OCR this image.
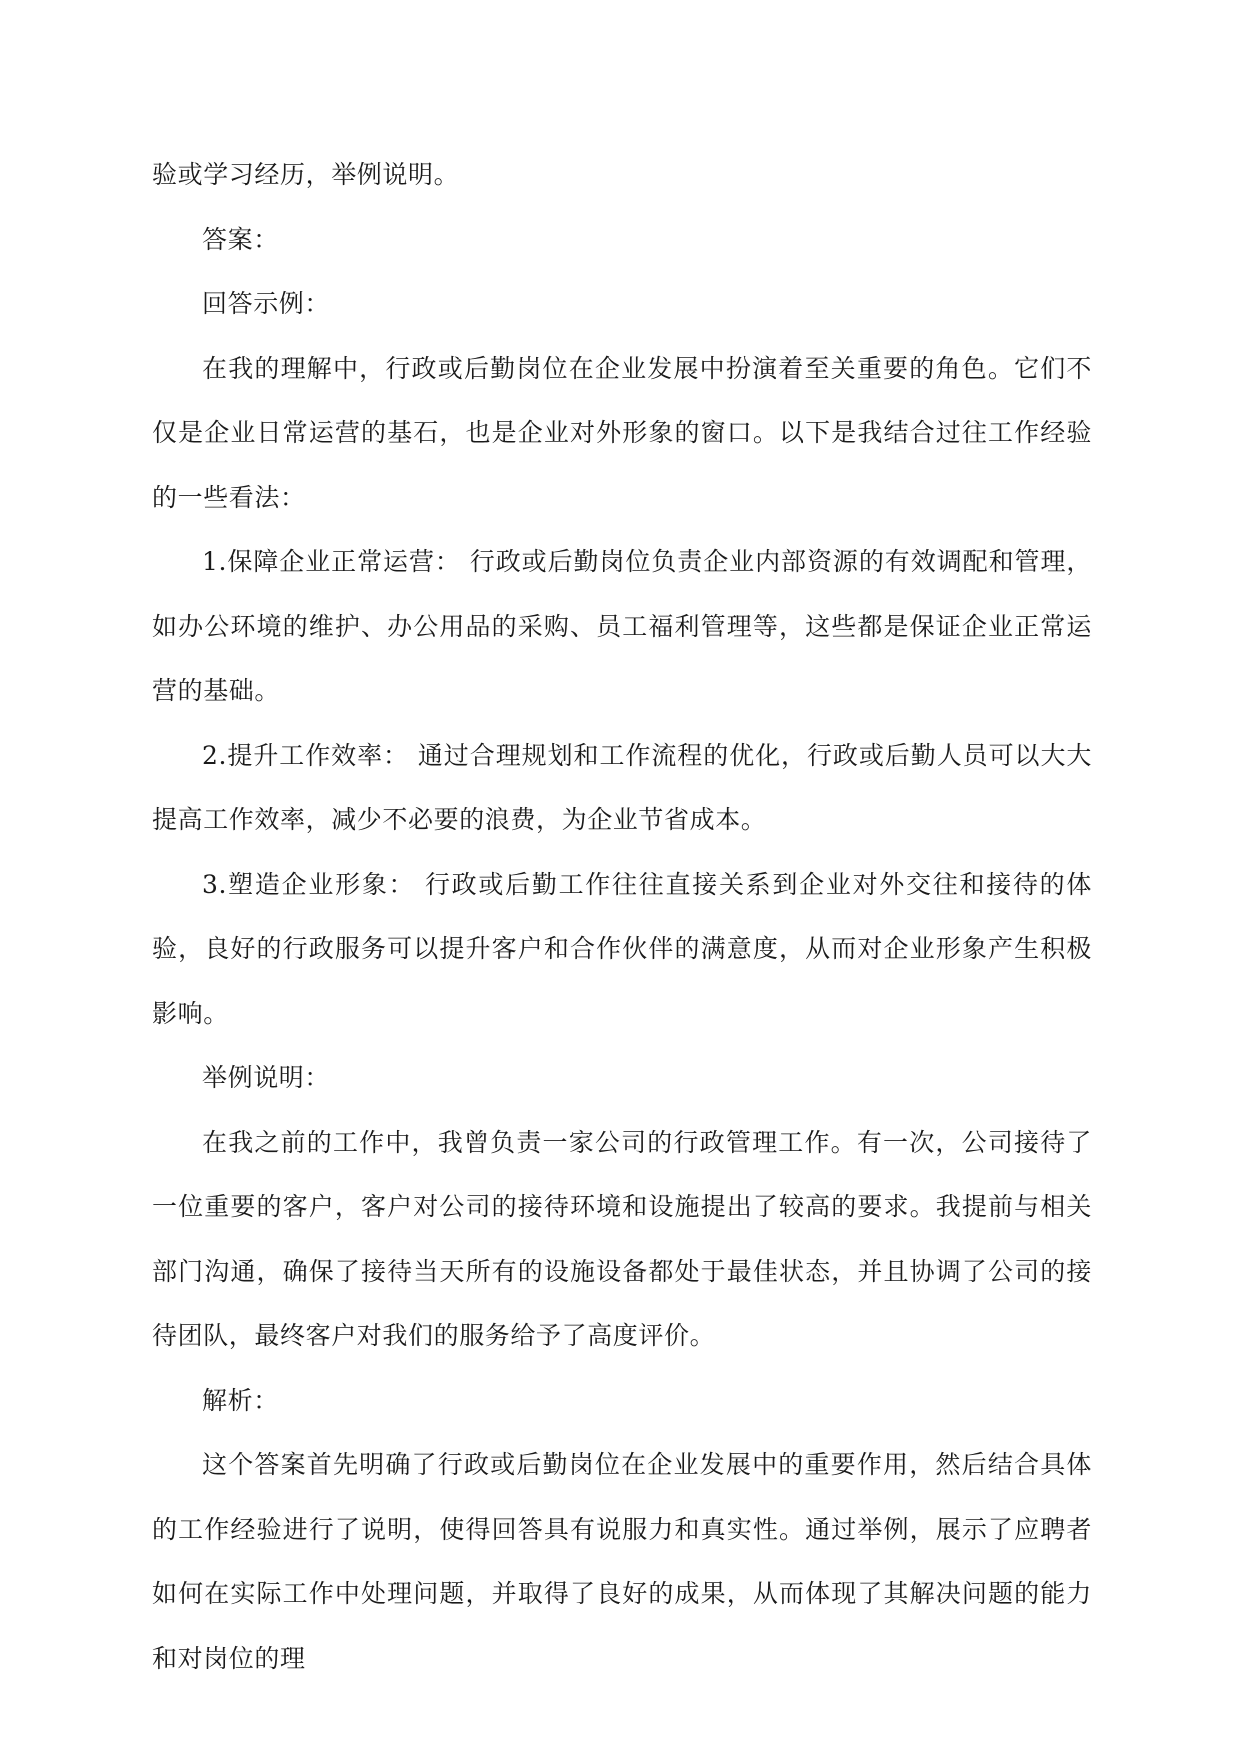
验或学习经历，举例说明。

答案：

回答示例：

在我的理解中，行政或后勤岗位在企业发展中扮演着至关重要的角色。它们不仅是企业日常运营的基石，也是企业对外形象的窗口。以下是我结合过往工作经验的一些看法：

1.保障企业正常运营： 行政或后勤岗位负责企业内部资源的有效调配和管理，如办公环境的维护、办公用品的采购、员工福利管理等，这些都是保证企业正常运营的基础。

2.提升工作效率： 通过合理规划和工作流程的优化，行政或后勤人员可以大大提高工作效率，减少不必要的浪费，为企业节省成本。

3.塑造企业形象： 行政或后勤工作往往直接关系到企业对外交往和接待的体验，良好的行政服务可以提升客户和合作伙伴的满意度，从而对企业形象产生积极影响。

举例说明：

在我之前的工作中，我曾负责一家公司的行政管理工作。有一次，公司接待了一位重要的客户，客户对公司的接待环境和设施提出了较高的要求。我提前与相关部门沟通，确保了接待当天所有的设施设备都处于最佳状态，并且协调了公司的接待团队，最终客户对我们的服务给予了高度评价。

解析：

这个答案首先明确了行政或后勤岗位在企业发展中的重要作用，然后结合具体的工作经验进行了说明，使得回答具有说服力和真实性。通过举例，展示了应聘者如何在实际工作中处理问题，并取得了良好的成果，从而体现了其解决问题的能力和对岗位的理
